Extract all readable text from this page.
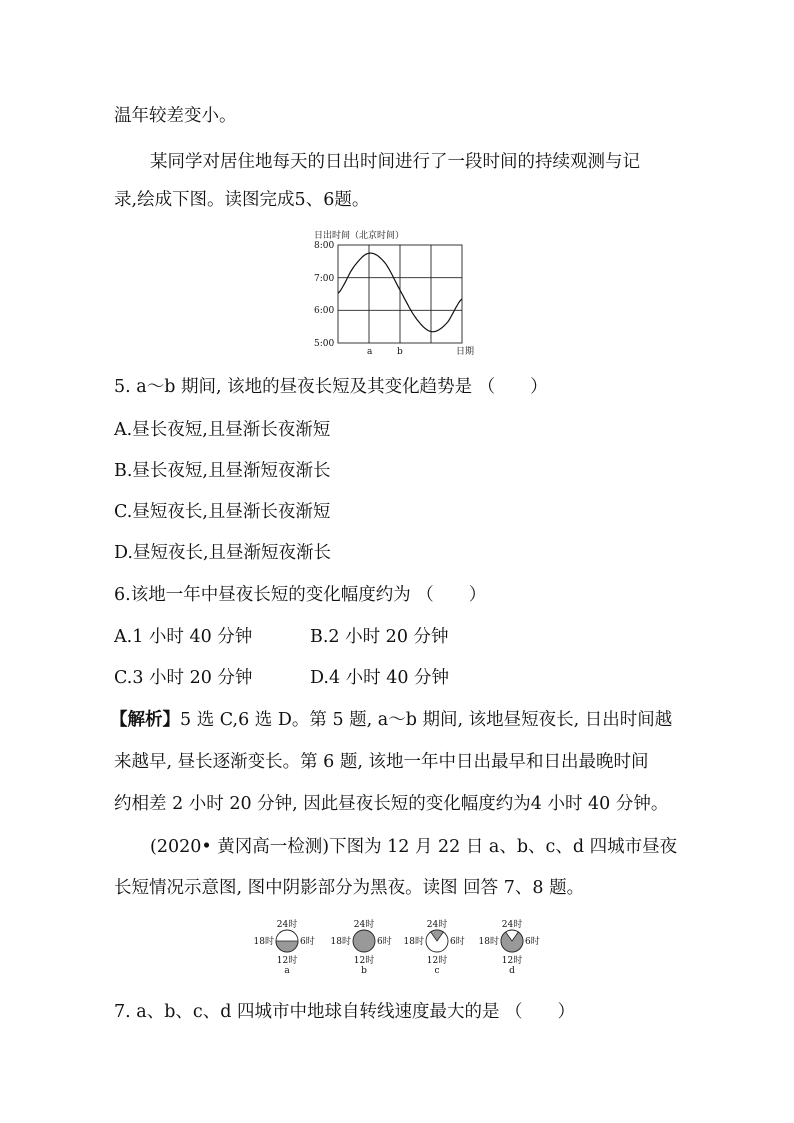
温年较差变小。
某同学对居住地每天的日出时间进行了一段时间的持续观测与记
录,绘成下图。读图完成5、6题。
日出时间（北京时间）
8:00
7:00
6:00
5:00
a	b	日期
5. a～b 期间, 该地的昼夜长短及其变化趋势是 （　　）
A.昼长夜短,且昼渐长夜渐短
B.昼长夜短,且昼渐短夜渐长
C.昼短夜长,且昼渐长夜渐短
D.昼短夜长,且昼渐短夜渐长
6.该地一年中昼夜长短的变化幅度约为 （　　）
A.1 小时 40 分钟	B.2 小时 20 分钟
C.3 小时 20 分钟	D.4 小时 40 分钟
【解析】5 选 C,6 选 D。第 5 题, a～b 期间, 该地昼短夜长, 日出时间越
来越早, 昼长逐渐变长。第 6 题, 该地一年中日出最早和日出最晚时间
约相差 2 小时 20 分钟, 因此昼夜长短的变化幅度约为4 小时 40 分钟。
(2020• 黄冈高一检测)下图为 12 月 22 日 a、b、c、d 四城市昼夜
长短情况示意图, 图中阴影部分为黑夜。读图 回答 7、8 题。
24时
12时
18时	6时
a
24时
12时
18时	6时
b
24时
12时
18时	6时
c
24时
12时
18时	6时
d
7. a、b、c、d 四城市中地球自转线速度最大的是 （　　）
